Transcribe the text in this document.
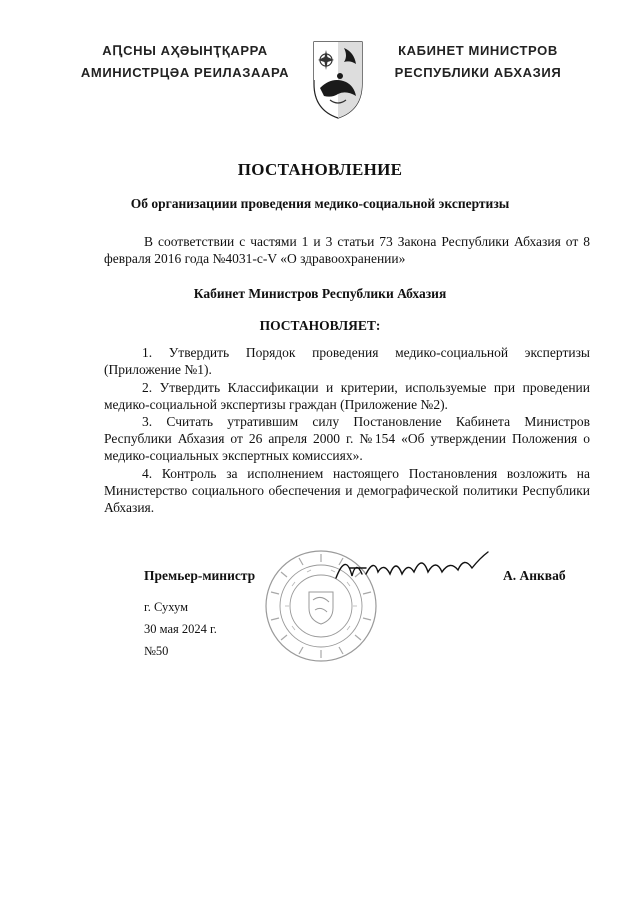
АԤСНЫ АҲӘЫНҬҚАРРА
АМИНИСТРЦӘА РЕИЛАЗААРА
КАБИНЕТ МИНИСТРОВ
РЕСПУБЛИКИ АБХАЗИЯ
ПОСТАНОВЛЕНИЕ
Об организациии проведения медико-социальной экспертизы
В соответствии с частями 1 и 3 статьи 73 Закона Республики Абхазия от 8 февраля 2016 года №4031-с-V «О здравоохранении»
Кабинет Министров Республики Абхазия
ПОСТАНОВЛЯЕТ:
1. Утвердить Порядок проведения медико-социальной экспертизы (Приложение №1).
2. Утвердить Классификации и критерии, используемые при проведении медико-социальной экспертизы граждан (Приложение №2).
3. Считать утратившим силу Постановление Кабинета Министров Республики Абхазия от 26 апреля 2000 г. №154 «Об утверждении Положения о медико-социальных экспертных комиссиях».
4. Контроль за исполнением настоящего Постановления возложить на Министерство социального обеспечения и демографической политики Республики Абхазия.
Премьер-министр	А. Анкваб
г. Сухум
30 мая 2024 г.
№50
